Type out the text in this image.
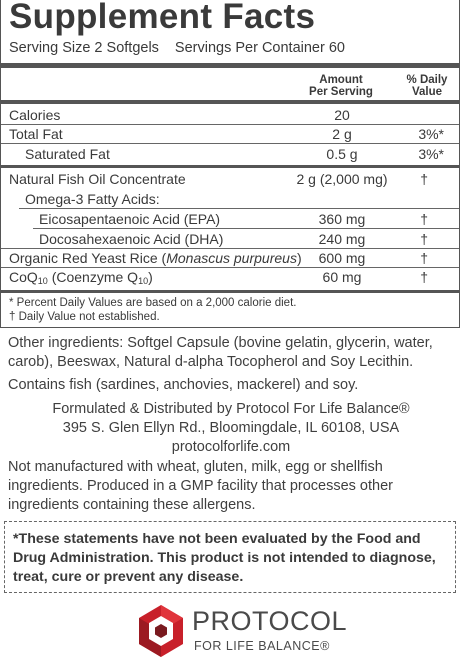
Supplement Facts
Serving Size 2 Softgels Servings Per Container 60
Amount
Per Serving
% Daily
Value
Calories	20
Total Fat	2 g	3%*
Saturated Fat	0.5 g	3%*
Natural Fish Oil Concentrate	2 g (2,000 mg)	†
Omega-3 Fatty Acids:
Eicosapentaenoic Acid (EPA)	360 mg	†
Docosahexaenoic Acid (DHA)	240 mg	†
Organic Red Yeast Rice (Monascus purpureus)	600 mg	†
CoQ$_{10}$ (Coenzyme $Q_{10}$)	60 mg	†
* Percent Daily Values are based on a 2,000 calorie diet.
† Daily Value not established.
Other ingredients: Softgel Capsule (bovine gelatin, glycerin, water, carob), Beeswax, Natural d-alpha Tocopherol and Soy Lecithin.
Contains fish (sardines, anchovies, mackerel) and soy.
Formulated & Distributed by Protocol For Life Balance®
395 S. Glen Ellyn Rd., Bloomingdale, IL 60108, USA
protocolforlife.com
Not manufactured with wheat, gluten, milk, egg or shellfish ingredients. Produced in a GMP facility that processes other ingredients containing these allergens.
*These statements have not been evaluated by the Food and Drug Administration. This product is not intended to diagnose, treat, cure or prevent any disease.
PROTOCOL
FOR LIFE BALANCE®
